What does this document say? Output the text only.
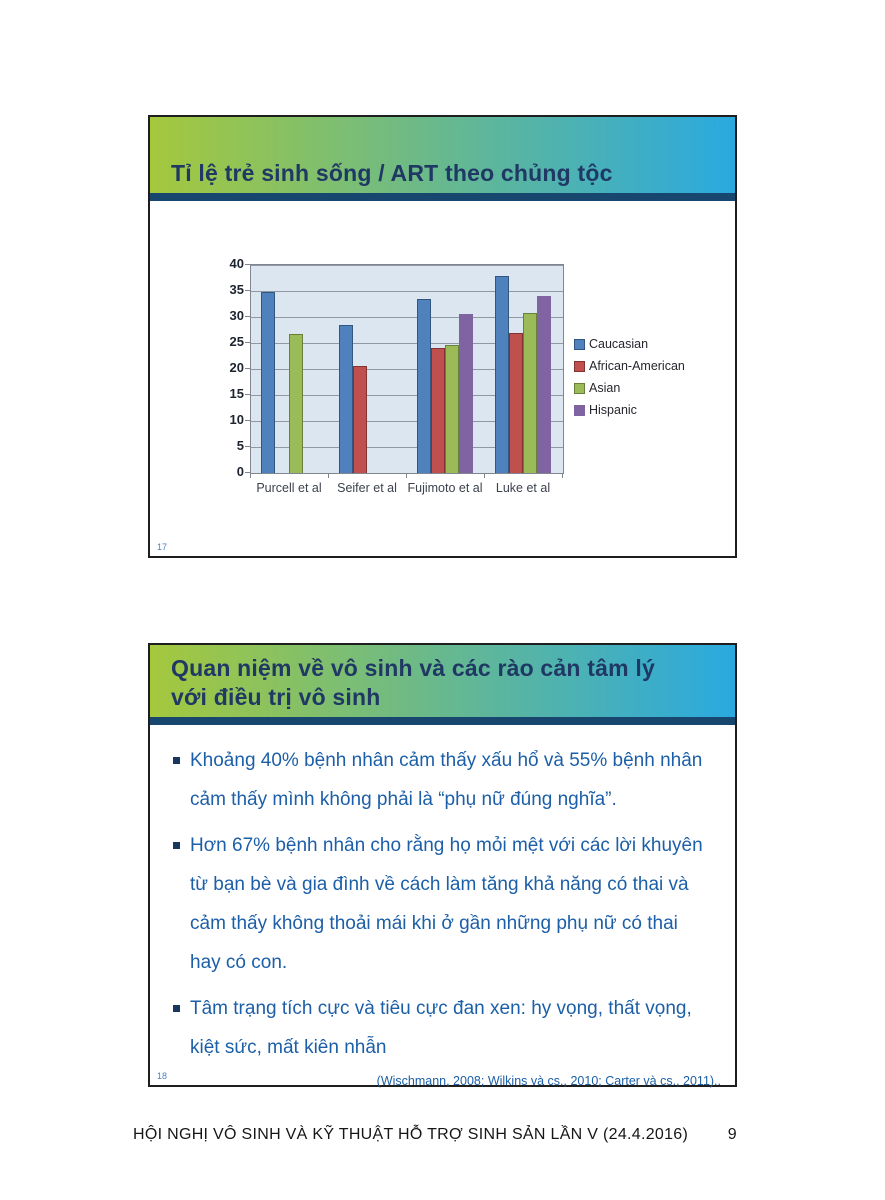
Tỉ lệ trẻ sinh sống / ART theo chủng tộc
0
5
10
15
20
25
30
35
40
Purcell et al	Seifer et al Fujimoto et al	Luke et al
Caucasian
African-American
Asian
Hispanic
17
Quan niệm về vô sinh và các rào cản tâm lý
với điều trị vô sinh
Khoảng 40% bệnh nhân cảm thấy xấu hổ và 55% bệnh nhân cảm thấy mình không phải là “phụ nữ đúng nghĩa”.
Hơn 67% bệnh nhân cho rằng họ mỏi mệt với các lời khuyên từ bạn bè và gia đình về cách làm tăng khả năng có thai và cảm thấy không thoải mái khi ở gần những phụ nữ có thai hay có con.
Tâm trạng tích cực và tiêu cực đan xen: hy vọng, thất vọng, kiệt sức, mất kiên nhẫn
(Wischmann, 2008; Wilkins và cs., 2010; Carter và cs., 2011)..
18
HỘI NGHỊ VÔ SINH VÀ KỸ THUẬT HỖ TRỢ SINH SẢN LẦN V (24.4.2016) 9
